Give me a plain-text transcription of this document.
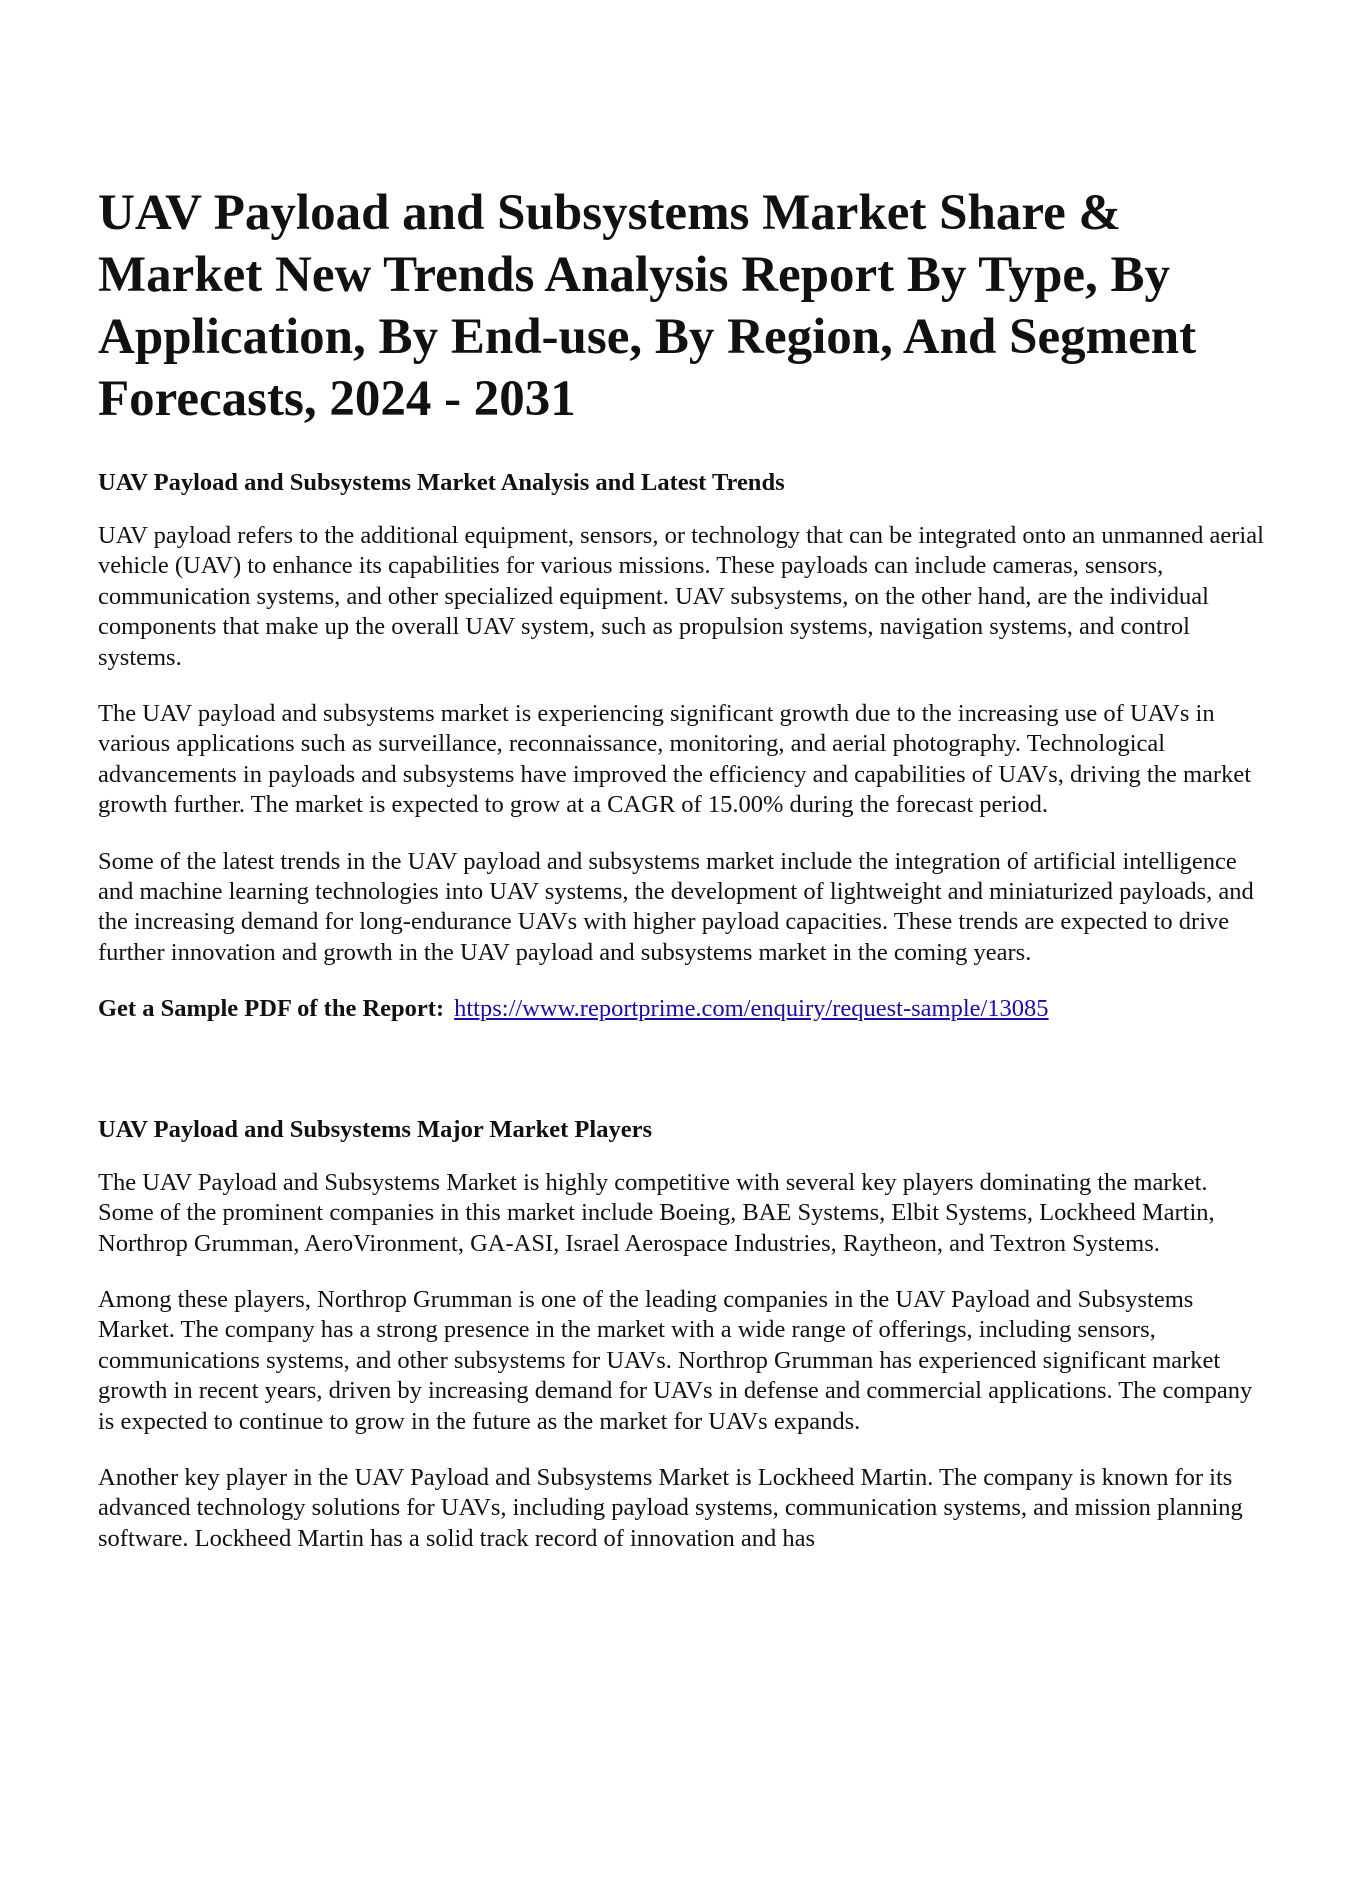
UAV Payload and Subsystems Market Share & Market New Trends Analysis Report By Type, By Application, By End-use, By Region, And Segment Forecasts, 2024 - 2031
UAV Payload and Subsystems Market Analysis and Latest Trends

UAV payload refers to the additional equipment, sensors, or technology that can be integrated onto an unmanned aerial vehicle (UAV) to enhance its capabilities for various missions. These payloads can include cameras, sensors, communication systems, and other specialized equipment. UAV subsystems, on the other hand, are the individual components that make up the overall UAV system, such as propulsion systems, navigation systems, and control systems.

The UAV payload and subsystems market is experiencing significant growth due to the increasing use of UAVs in various applications such as surveillance, reconnaissance, monitoring, and aerial photography. Technological advancements in payloads and subsystems have improved the efficiency and capabilities of UAVs, driving the market growth further. The market is expected to grow at a CAGR of 15.00% during the forecast period.

Some of the latest trends in the UAV payload and subsystems market include the integration of artificial intelligence and machine learning technologies into UAV systems, the development of lightweight and miniaturized payloads, and the increasing demand for long-endurance UAVs with higher payload capacities. These trends are expected to drive further innovation and growth in the UAV payload and subsystems market in the coming years.

Get a Sample PDF of the Report: https://www.reportprime.com/enquiry/request-sample/13085

UAV Payload and Subsystems Major Market Players

The UAV Payload and Subsystems Market is highly competitive with several key players dominating the market. Some of the prominent companies in this market include Boeing, BAE Systems, Elbit Systems, Lockheed Martin, Northrop Grumman, AeroVironment, GA-ASI, Israel Aerospace Industries, Raytheon, and Textron Systems.

Among these players, Northrop Grumman is one of the leading companies in the UAV Payload and Subsystems Market. The company has a strong presence in the market with a wide range of offerings, including sensors, communications systems, and other subsystems for UAVs. Northrop Grumman has experienced significant market growth in recent years, driven by increasing demand for UAVs in defense and commercial applications. The company is expected to continue to grow in the future as the market for UAVs expands.

Another key player in the UAV Payload and Subsystems Market is Lockheed Martin. The company is known for its advanced technology solutions for UAVs, including payload systems, communication systems, and mission planning software. Lockheed Martin has a solid track record of innovation and has
